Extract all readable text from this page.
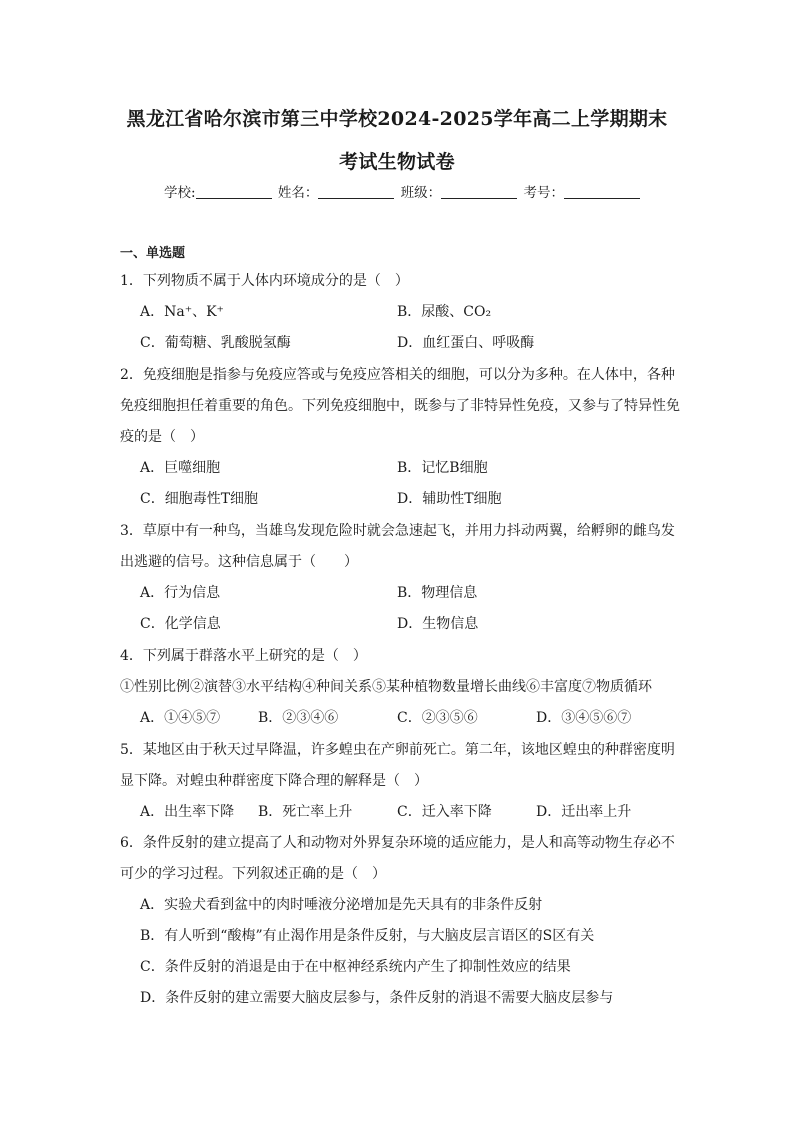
黑龙江省哈尔滨市第三中学校2024-2025学年高二上学期期末
考试生物试卷
学校:	姓名：	班级：	考号：
一、单选题
1．下列物质不属于人体内环境成分的是（　）
A．Na⁺、K⁺	B．尿酸、CO₂
C．葡萄糖、乳酸脱氢酶	D．血红蛋白、呼吸酶
2．免疫细胞是指参与免疫应答或与免疫应答相关的细胞，可以分为多种。在人体中，各种
免疫细胞担任着重要的角色。下列免疫细胞中，既参与了非特异性免疫，又参与了特异性免
疫的是（　）
A．巨噬细胞	B．记忆B细胞
C．细胞毒性T细胞	D．辅助性T细胞
3．草原中有一种鸟，当雄鸟发现危险时就会急速起飞，并用力抖动两翼，给孵卵的雌鸟发
出逃避的信号。这种信息属于（　　）
A．行为信息	B．物理信息
C．化学信息	D．生物信息
4．下列属于群落水平上研究的是（　）
①性别比例②演替③水平结构④种间关系⑤某种植物数量增长曲线⑥丰富度⑦物质循环
A．①④⑤⑦	B．②③④⑥	C．②③⑤⑥	D．③④⑤⑥⑦
5．某地区由于秋天过早降温，许多蝗虫在产卵前死亡。第二年，该地区蝗虫的种群密度明
显下降。对蝗虫种群密度下降合理的解释是（　）
A．出生率下降 B．死亡率上升	C．迁入率下降	D．迁出率上升
6．条件反射的建立提高了人和动物对外界复杂环境的适应能力，是人和高等动物生存必不
可少的学习过程。下列叙述正确的是（　）
A．实验犬看到盆中的肉时唾液分泌增加是先天具有的非条件反射
B．有人听到“酸梅”有止渴作用是条件反射，与大脑皮层言语区的S区有关
C．条件反射的消退是由于在中枢神经系统内产生了抑制性效应的结果
D．条件反射的建立需要大脑皮层参与，条件反射的消退不需要大脑皮层参与
